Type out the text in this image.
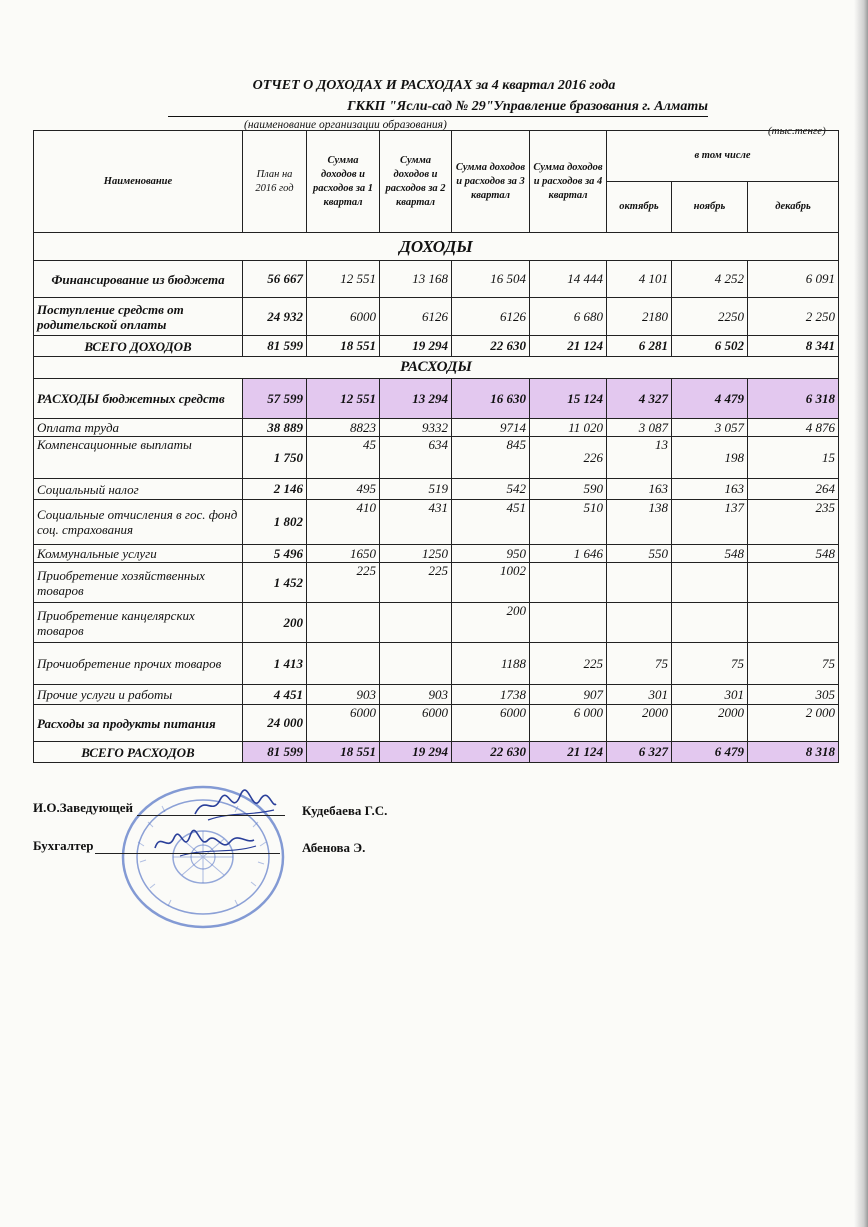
ОТЧЕТ О ДОХОДАХ И РАСХОДАХ за 4 квартал 2016 года
ГККП "Ясли-сад № 29"Управление бразования г. Алматы
(наименование организации образования)	(тыс.тенге)
Наименование	План на 2016 год	Сумма доходов и расходов за 1 квартал	Сумма доходов и расходов за 2 квартал	Сумма доходов и расходов за 3 квартал	Сумма доходов и расходов за 4 квартал	в том числе		
						октябрь	ноябрь	декабрь
ДОХОДЫ								
Финансирование из бюджета	56 667	12 551	13 168	16 504	14 444	4 101	4 252	6 091
Поступление средств от родительской оплаты	24 932	6000	6126	6126	6 680	2180	2250	2 250
ВСЕГО ДОХОДОВ	81 599	18 551	19 294	22 630	21 124	6 281	6 502	8 341
РАСХОДЫ								
РАСХОДЫ бюджетных средств	57 599	12 551	13 294	16 630	15 124	4 327	4 479	6 318
Оплата труда	38 889	8823	9332	9714	11 020	3 087	3 057	4 876
Компенсационные выплаты	1 750	45	634	845	226	13	198	15
Социальный налог	2 146	495	519	542	590	163	163	264
Социальные отчисления в гос. фонд соц. страхования	1 802	410	431	451	510	138	137	235
Коммунальные услуги	5 496	1650	1250	950	1 646	550	548	548
Приобретение хозяйственных товаров	1 452	225	225	1002				
Приобретение канцелярских товаров	200			200				
Прочиобретение прочих товаров	1 413			1188	225	75	75	75
Прочие услуги и работы	4 451	903	903	1738	907	301	301	305
Расходы за продукты питания	24 000	6000	6000	6000	6 000	2000	2000	2 000
ВСЕГО РАСХОДОВ	81 599	18 551	19 294	22 630	21 124	6 327	6 479	8 318
И.О.Заведующей	Кудебаева Г.С.
Бухгалтер	Абенова Э.
